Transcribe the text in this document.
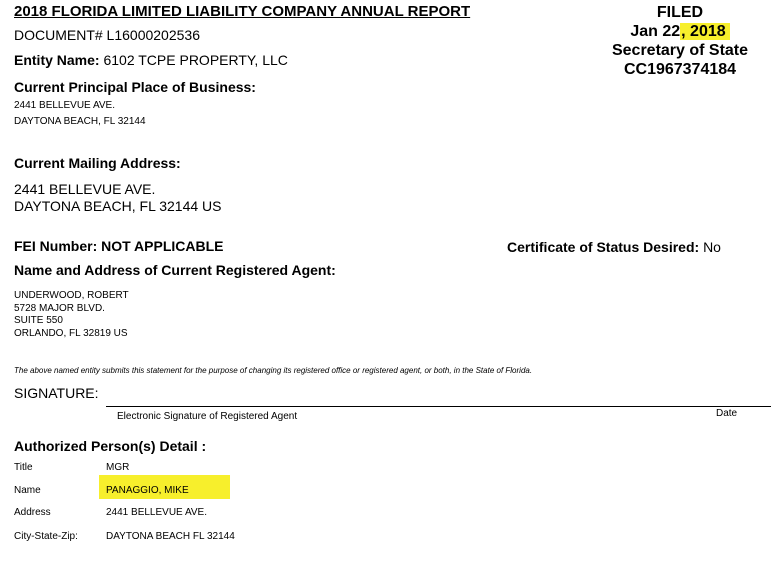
2018 FLORIDA LIMITED LIABILITY COMPANY ANNUAL REPORT
DOCUMENT# L16000202536
Entity Name: 6102 TCPE PROPERTY, LLC
FILED
Jan 22, 2018
Secretary of State
CC1967374184
Current Principal Place of Business:
2441 BELLEVUE AVE.
DAYTONA BEACH, FL 32144
Current Mailing Address:
2441 BELLEVUE AVE.
DAYTONA BEACH, FL 32144 US
FEI Number: NOT APPLICABLE	Certificate of Status Desired: No
Name and Address of Current Registered Agent:
UNDERWOOD, ROBERT
5728 MAJOR BLVD.
SUITE 550
ORLANDO, FL 32819 US
The above named entity submits this statement for the purpose of changing its registered office or registered agent, or both, in the State of Florida.
SIGNATURE:
Electronic Signature of Registered Agent	Date
Authorized Person(s) Detail :
Title	MGR
Name	PANAGGIO, MIKE
Address	2441 BELLEVUE AVE.
City-State-Zip:	DAYTONA BEACH FL 32144
